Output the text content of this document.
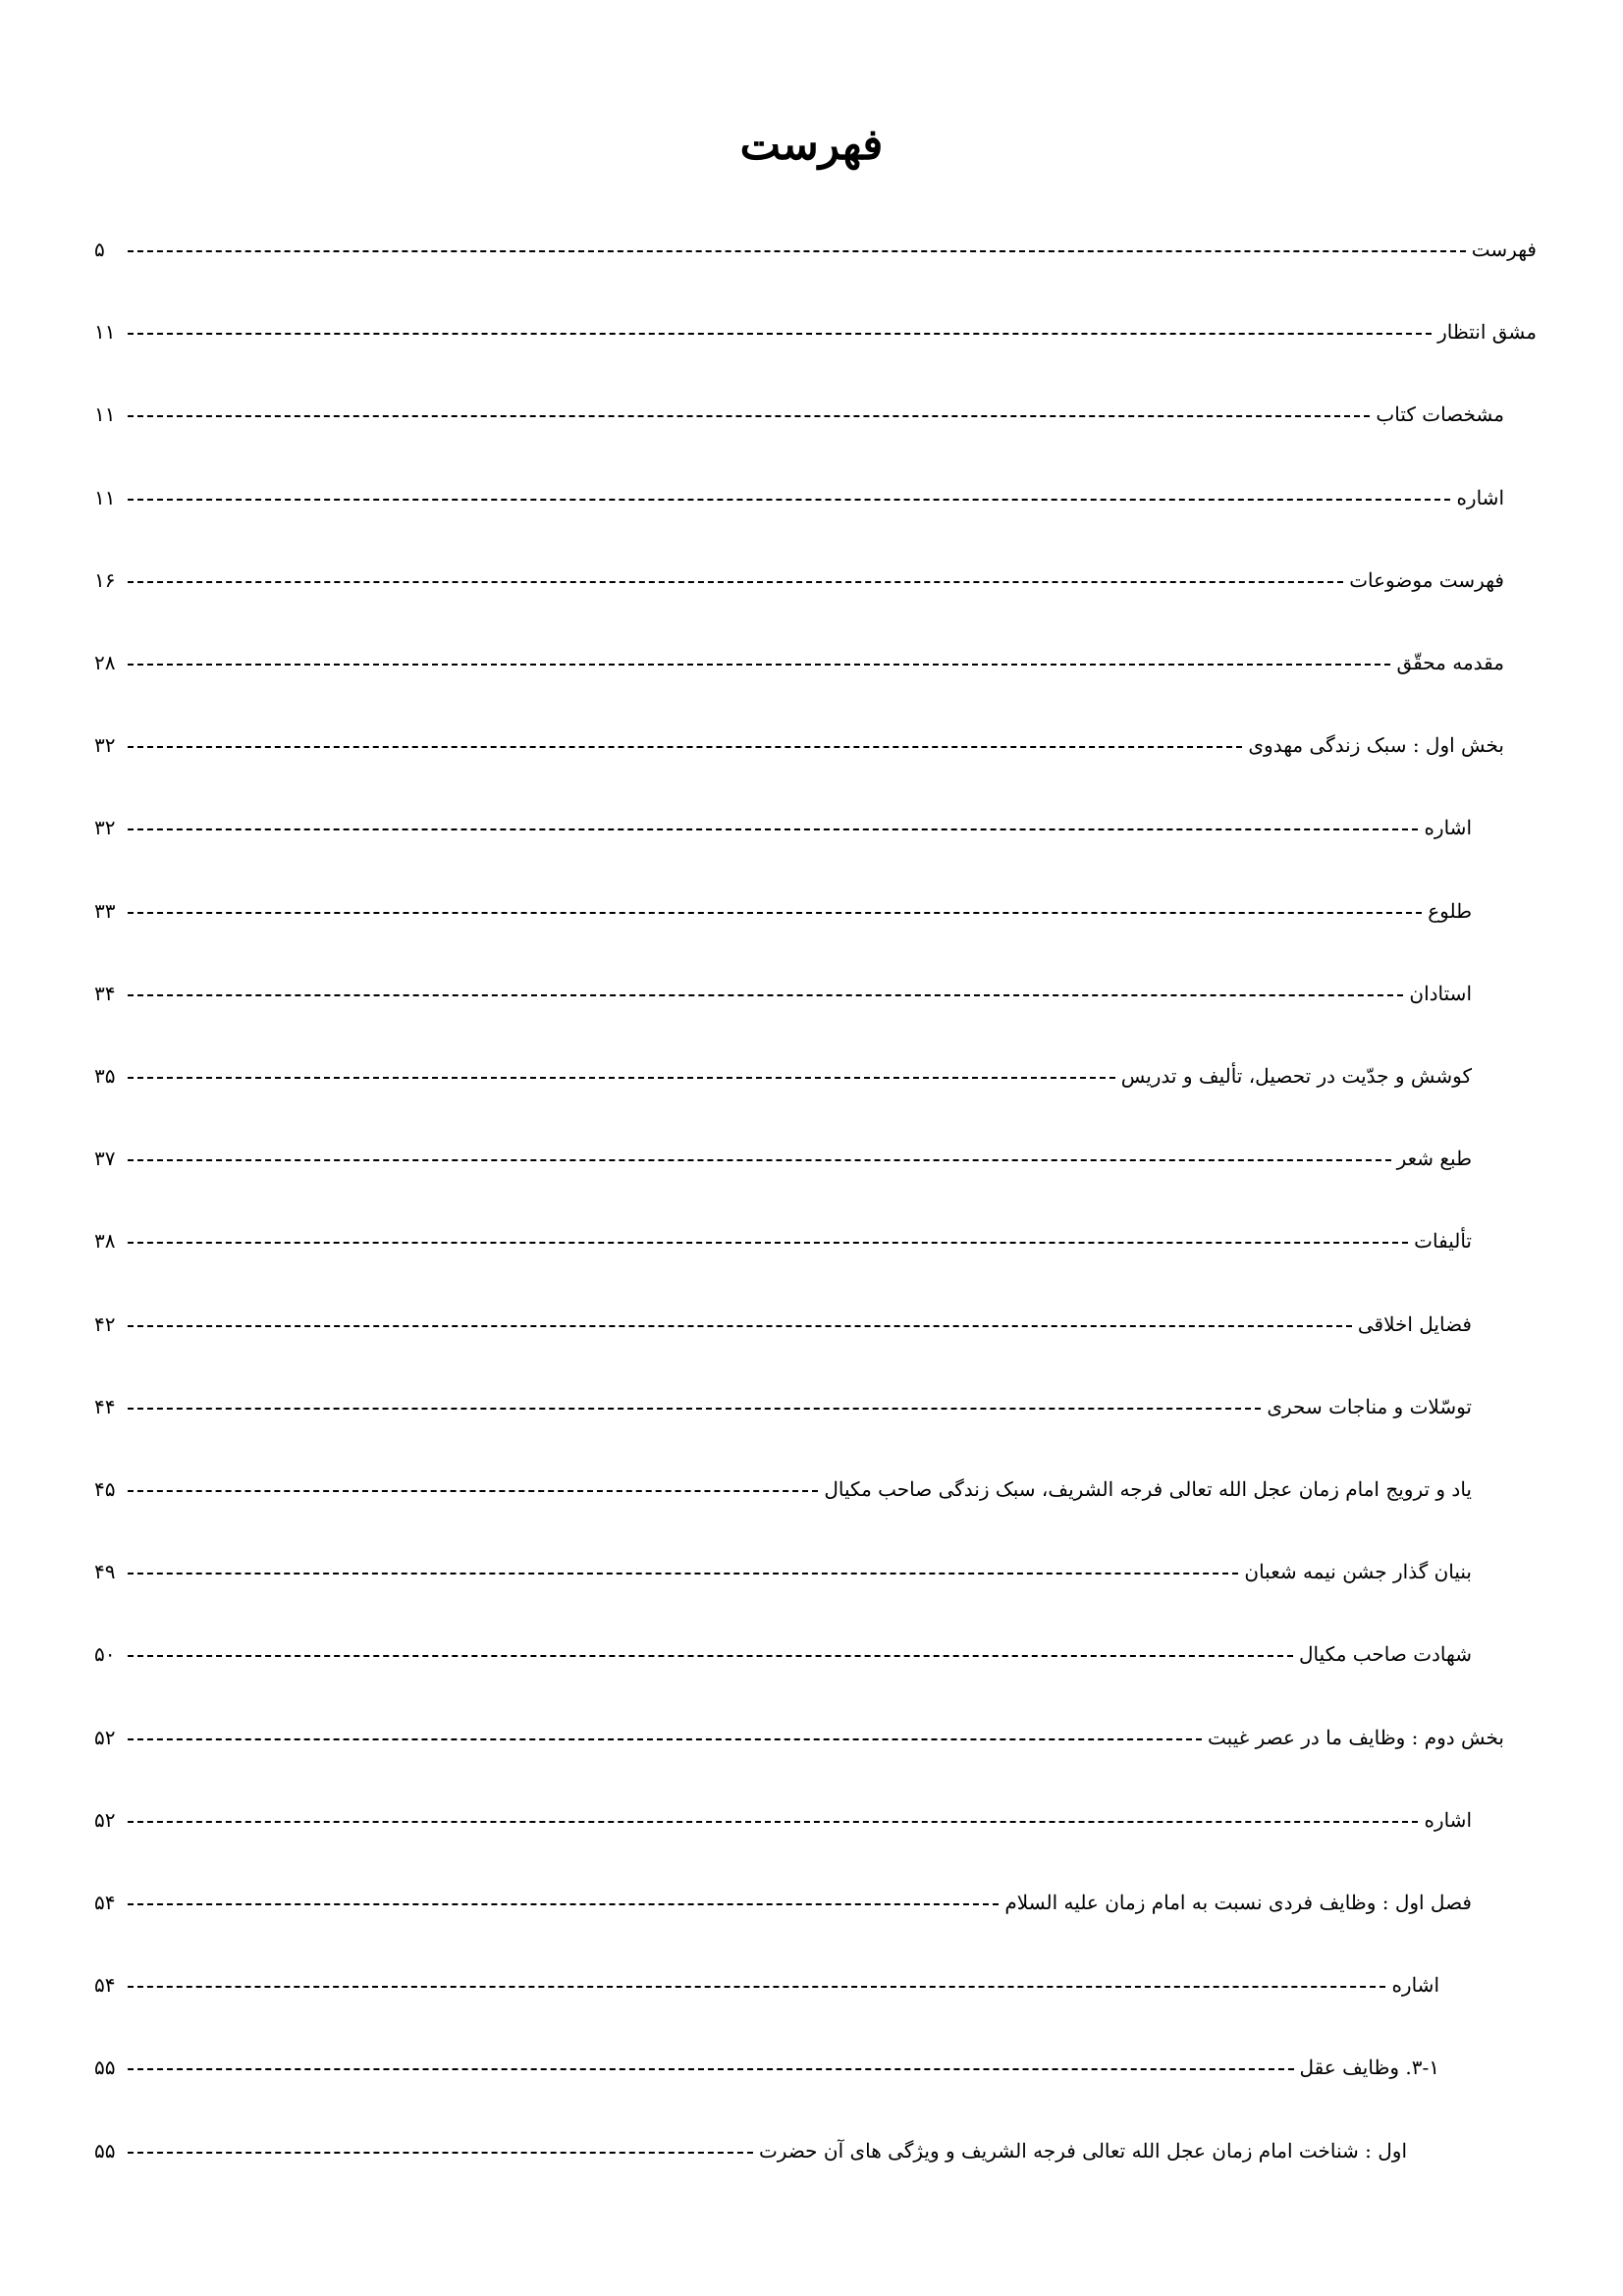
فهرست
فهرست
۵
مشق انتظار
۱۱
مشخصات کتاب
۱۱
اشاره
۱۱
فهرست موضوعات
۱۶
مقدمه محقّق
۲۸
بخش اول : سبک زندگی مهدوی
۳۲
اشاره
۳۲
طلوع
۳۳
استادان
۳۴
کوشش و جدّیت در تحصیل، تألیف و تدریس
۳۵
طبع شعر
۳۷
تألیفات
۳۸
فضایل اخلاقی
۴۲
توسّلات و مناجات سحری
۴۴
یاد و ترویج امام زمان عجل الله تعالی فرجه الشریف، سبک زندگی صاحب مکیال
۴۵
بنیان گذار جشن نیمه شعبان
۴۹
شهادت صاحب مکیال
۵۰
بخش دوم : وظایف ما در عصر غیبت
۵۲
اشاره
۵۲
فصل اول : وظایف فردی نسبت به امام زمان علیه السلام
۵۴
اشاره
۵۴
۳-۱. وظایف عقل
۵۵
اول : شناخت امام زمان عجل الله تعالی فرجه الشریف و ویژگی های آن حضرت
۵۵
